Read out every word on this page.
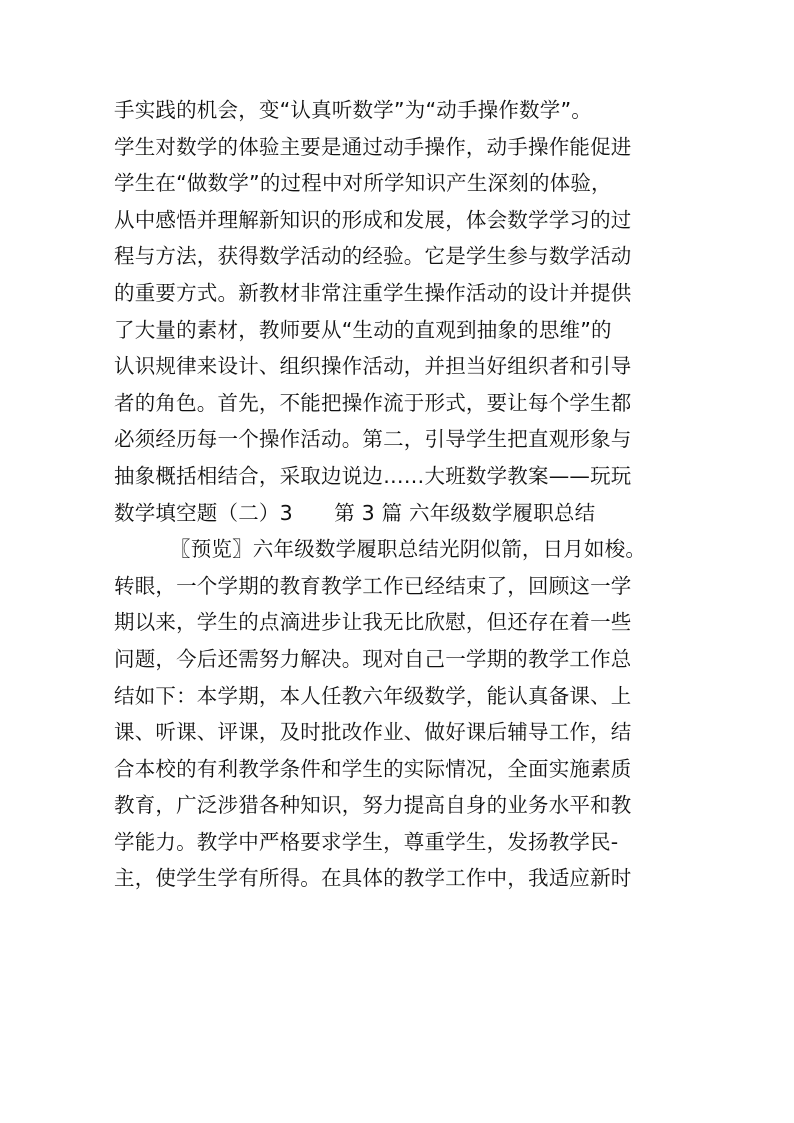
手实践的机会，变“认真听数学”为“动手操作数学”。
学生对数学的体验主要是通过动手操作，动手操作能促进
学生在“做数学”的过程中对所学知识产生深刻的体验，
从中感悟并理解新知识的形成和发展，体会数学学习的过
程与方法，获得数学活动的经验。它是学生参与数学活动
的重要方式。新教材非常注重学生操作活动的设计并提供
了大量的素材，教师要从“生动的直观到抽象的思维”的
认识规律来设计、组织操作活动，并担当好组织者和引导
者的角色。首先，不能把操作流于形式，要让每个学生都
必须经历每一个操作活动。第二，引导学生把直观形象与
抽象概括相结合，采取边说边……大班数学教案——玩玩
数学填空题（二）3　　第 3 篇 六年级数学履职总结
〖预览〗六年级数学履职总结光阴似箭，日月如梭。
转眼，一个学期的教育教学工作已经结束了，回顾这一学
期以来，学生的点滴进步让我无比欣慰，但还存在着一些
问题，今后还需努力解决。现对自己一学期的教学工作总
结如下：本学期，本人任教六年级数学，能认真备课、上
课、听课、评课，及时批改作业、做好课后辅导工作，结
合本校的有利教学条件和学生的实际情况，全面实施素质
教育，广泛涉猎各种知识，努力提高自身的业务水平和教
学能力。教学中严格要求学生，尊重学生，发扬教学民-
主，使学生学有所得。在具体的教学工作中，我适应新时
